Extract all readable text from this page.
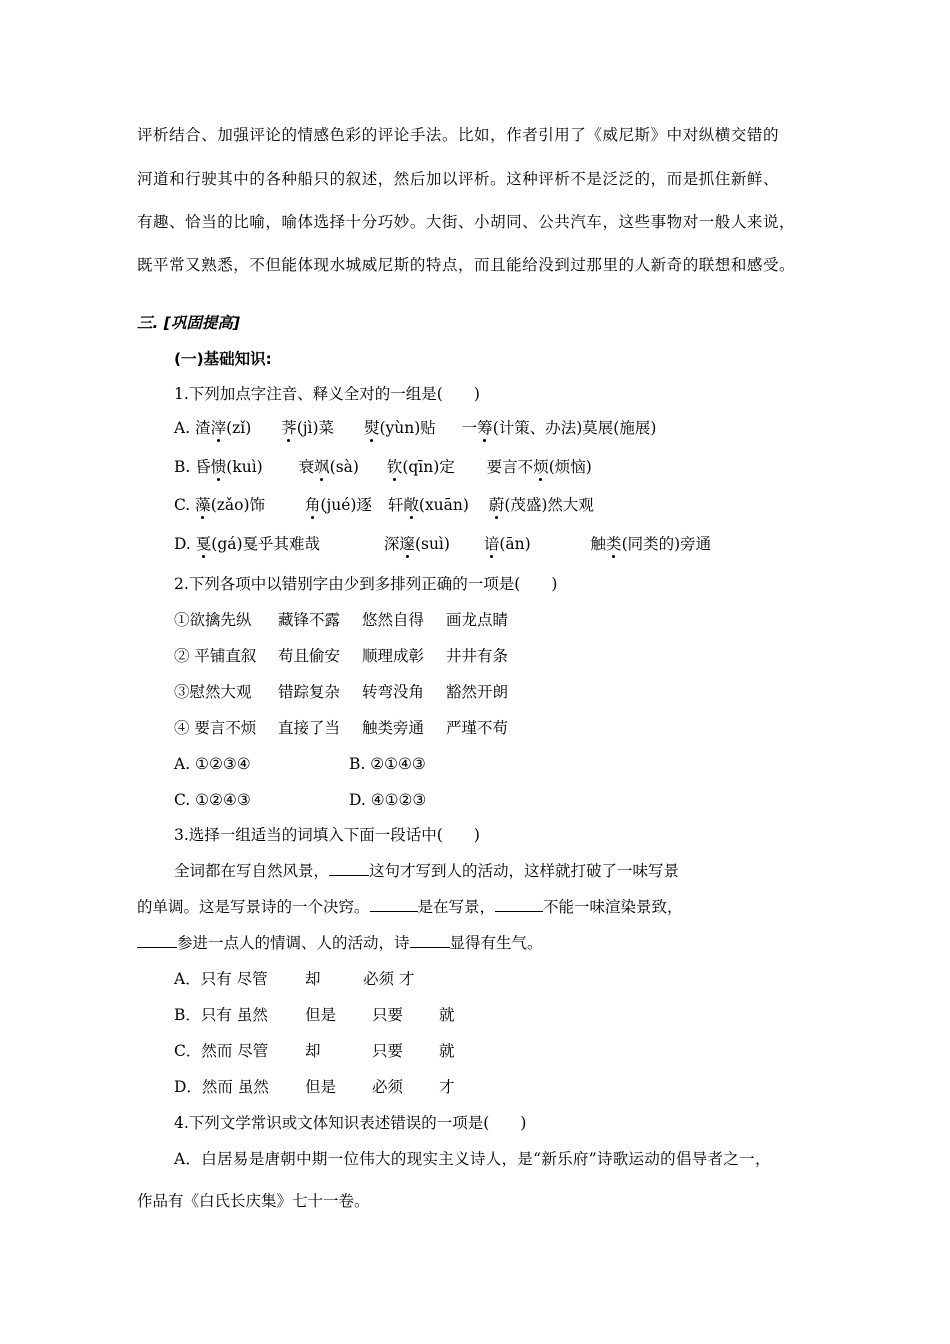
评析结合、加强评论的情感色彩的评论手法。比如，作者引用了《威尼斯》中对纵横交错的
河道和行驶其中的各种船只的叙述，然后加以评析。这种评析不是泛泛的，而是抓住新鲜、
有趣、恰当的比喻，喻体选择十分巧妙。大街、小胡同、公共汽车，这些事物对一般人来说，
既平常又熟悉，不但能体现水城威尼斯的特点，而且能给没到过那里的人新奇的联想和感受。
三. [巩固提高]
(一)基础知识:
1.下列加点字注音、释义全对的一组是(　　)
A. 渣滓(zǐ) 荠(jì)菜 熨(yùn)贴 一筹(计策、办法)莫展(施展)
B. 昏愦(kuì) 衰飒(sà) 钦(qīn)定 要言不烦(烦恼)
C. 藻(zǎo)饰	角(jué)逐 轩敞(xuān) 蔚(茂盛)然大观
D. 戛(gá)戛乎其难哉	深邃(suì) 谙(ān)	触类(同类的)旁通
2.下列各项中以错别字由少到多排列正确的一项是(　　)
①欲擒先纵 藏锋不露 悠然自得 画龙点睛
② 平铺直叙 苟且偷安 顺理成彰 井井有条
③慰然大观 错踪复杂 转弯没角 豁然开朗
④ 要言不烦 直接了当 触类旁通 严瑾不苟
A. ①②③④	B. ②①④③
C. ①②④③	D. ④①②③
3.选择一组适当的词填入下面一段话中(　　)
全词都在写自然风景，	这句才写到人的活动，这样就打破了一味写景
的单调。这是写景诗的一个决窍。	是在写景，	不能一味渲染景致，
参进一点人的情调、人的活动，诗	显得有生气。
A．只有 尽管 却	必须 才
B．只有 虽然 但是 只要 就
C．然而 尽管 却	只要 就
D．然而 虽然 但是 必须 才
4.下列文学常识或文体知识表述错误的一项是(　　)
A．白居易是唐朝中期一位伟大的现实主义诗人，是“新乐府”诗歌运动的倡导者之一，
作品有《白氏长庆集》七十一卷。
